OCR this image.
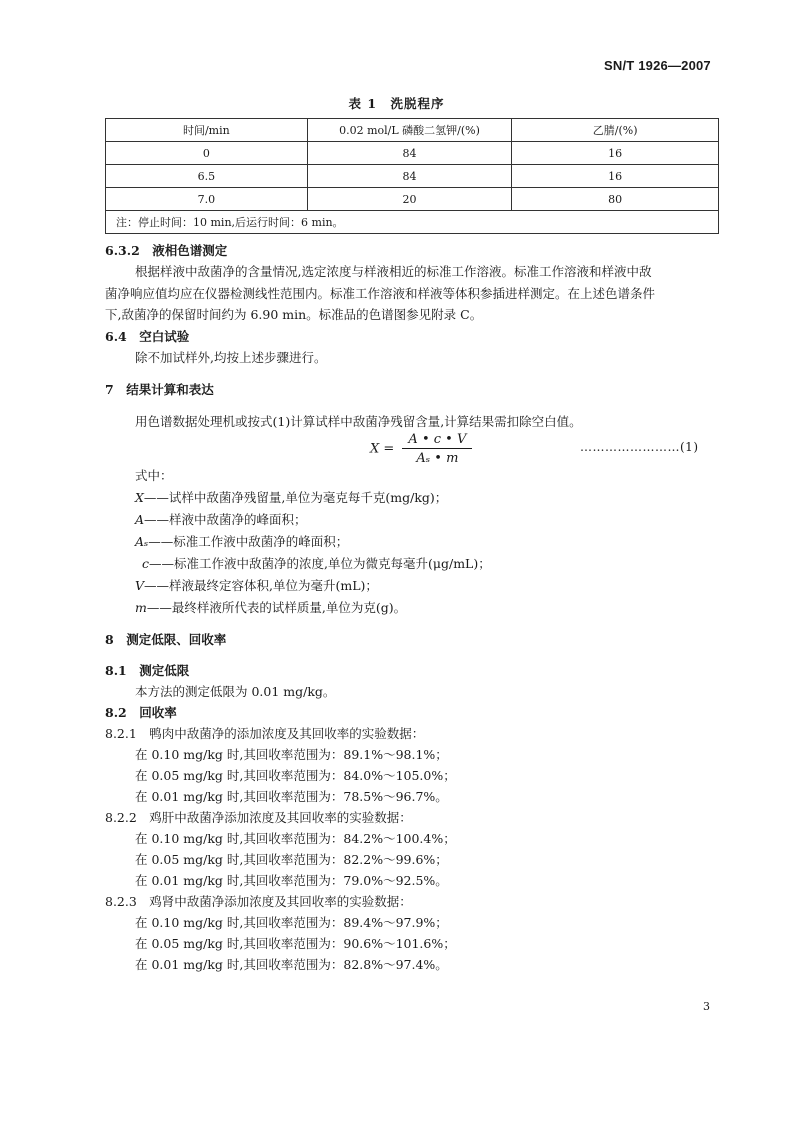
SN/T 1926—2007
表 1　洗脱程序
时间/min	0.02 mol/L 磷酸二氢钾/(%)	乙腈/(%)
0	84	16
6.5	84	16
7.0	20	80
注：停止时间：10 min,后运行时间：6 min。		
6.3.2　液相色谱测定
根据样液中敌菌净的含量情况,选定浓度与样液相近的标准工作溶液。标准工作溶液和样液中敌
菌净响应值均应在仪器检测线性范围内。标准工作溶液和样液等体积参插进样测定。在上述色谱条件
下,敌菌净的保留时间约为 6.90 min。标准品的色谱图参见附录 C。
6.4　空白试验
除不加试样外,均按上述步骤进行。
7　结果计算和表达
用色谱数据处理机或按式(1)计算试样中敌菌净残留含量,计算结果需扣除空白值。
$X = \frac{A • c • V}{\text{Aₛ • m}}$	……………………(1)
式中：
X——试样中敌菌净残留量,单位为毫克每千克(mg/kg)；
A——样液中敌菌净的峰面积；
Aₛ——标准工作液中敌菌净的峰面积；
c——标准工作液中敌菌净的浓度,单位为微克每毫升(μg/mL)；
V——样液最终定容体积,单位为毫升(mL)；
m——最终样液所代表的试样质量,单位为克(g)。
8　测定低限、回收率
8.1　测定低限
本方法的测定低限为 0.01 mg/kg。
8.2　回收率
8.2.1　鸭肉中敌菌净的添加浓度及其回收率的实验数据：
在 0.10 mg/kg 时,其回收率范围为：89.1%～98.1%；
在 0.05 mg/kg 时,其回收率范围为：84.0%～105.0%；
在 0.01 mg/kg 时,其回收率范围为：78.5%～96.7%。
8.2.2　鸡肝中敌菌净添加浓度及其回收率的实验数据：
在 0.10 mg/kg 时,其回收率范围为：84.2%～100.4%；
在 0.05 mg/kg 时,其回收率范围为：82.2%～99.6%；
在 0.01 mg/kg 时,其回收率范围为：79.0%～92.5%。
8.2.3　鸡肾中敌菌净添加浓度及其回收率的实验数据：
在 0.10 mg/kg 时,其回收率范围为：89.4%～97.9%；
在 0.05 mg/kg 时,其回收率范围为：90.6%～101.6%；
在 0.01 mg/kg 时,其回收率范围为：82.8%～97.4%。
3
